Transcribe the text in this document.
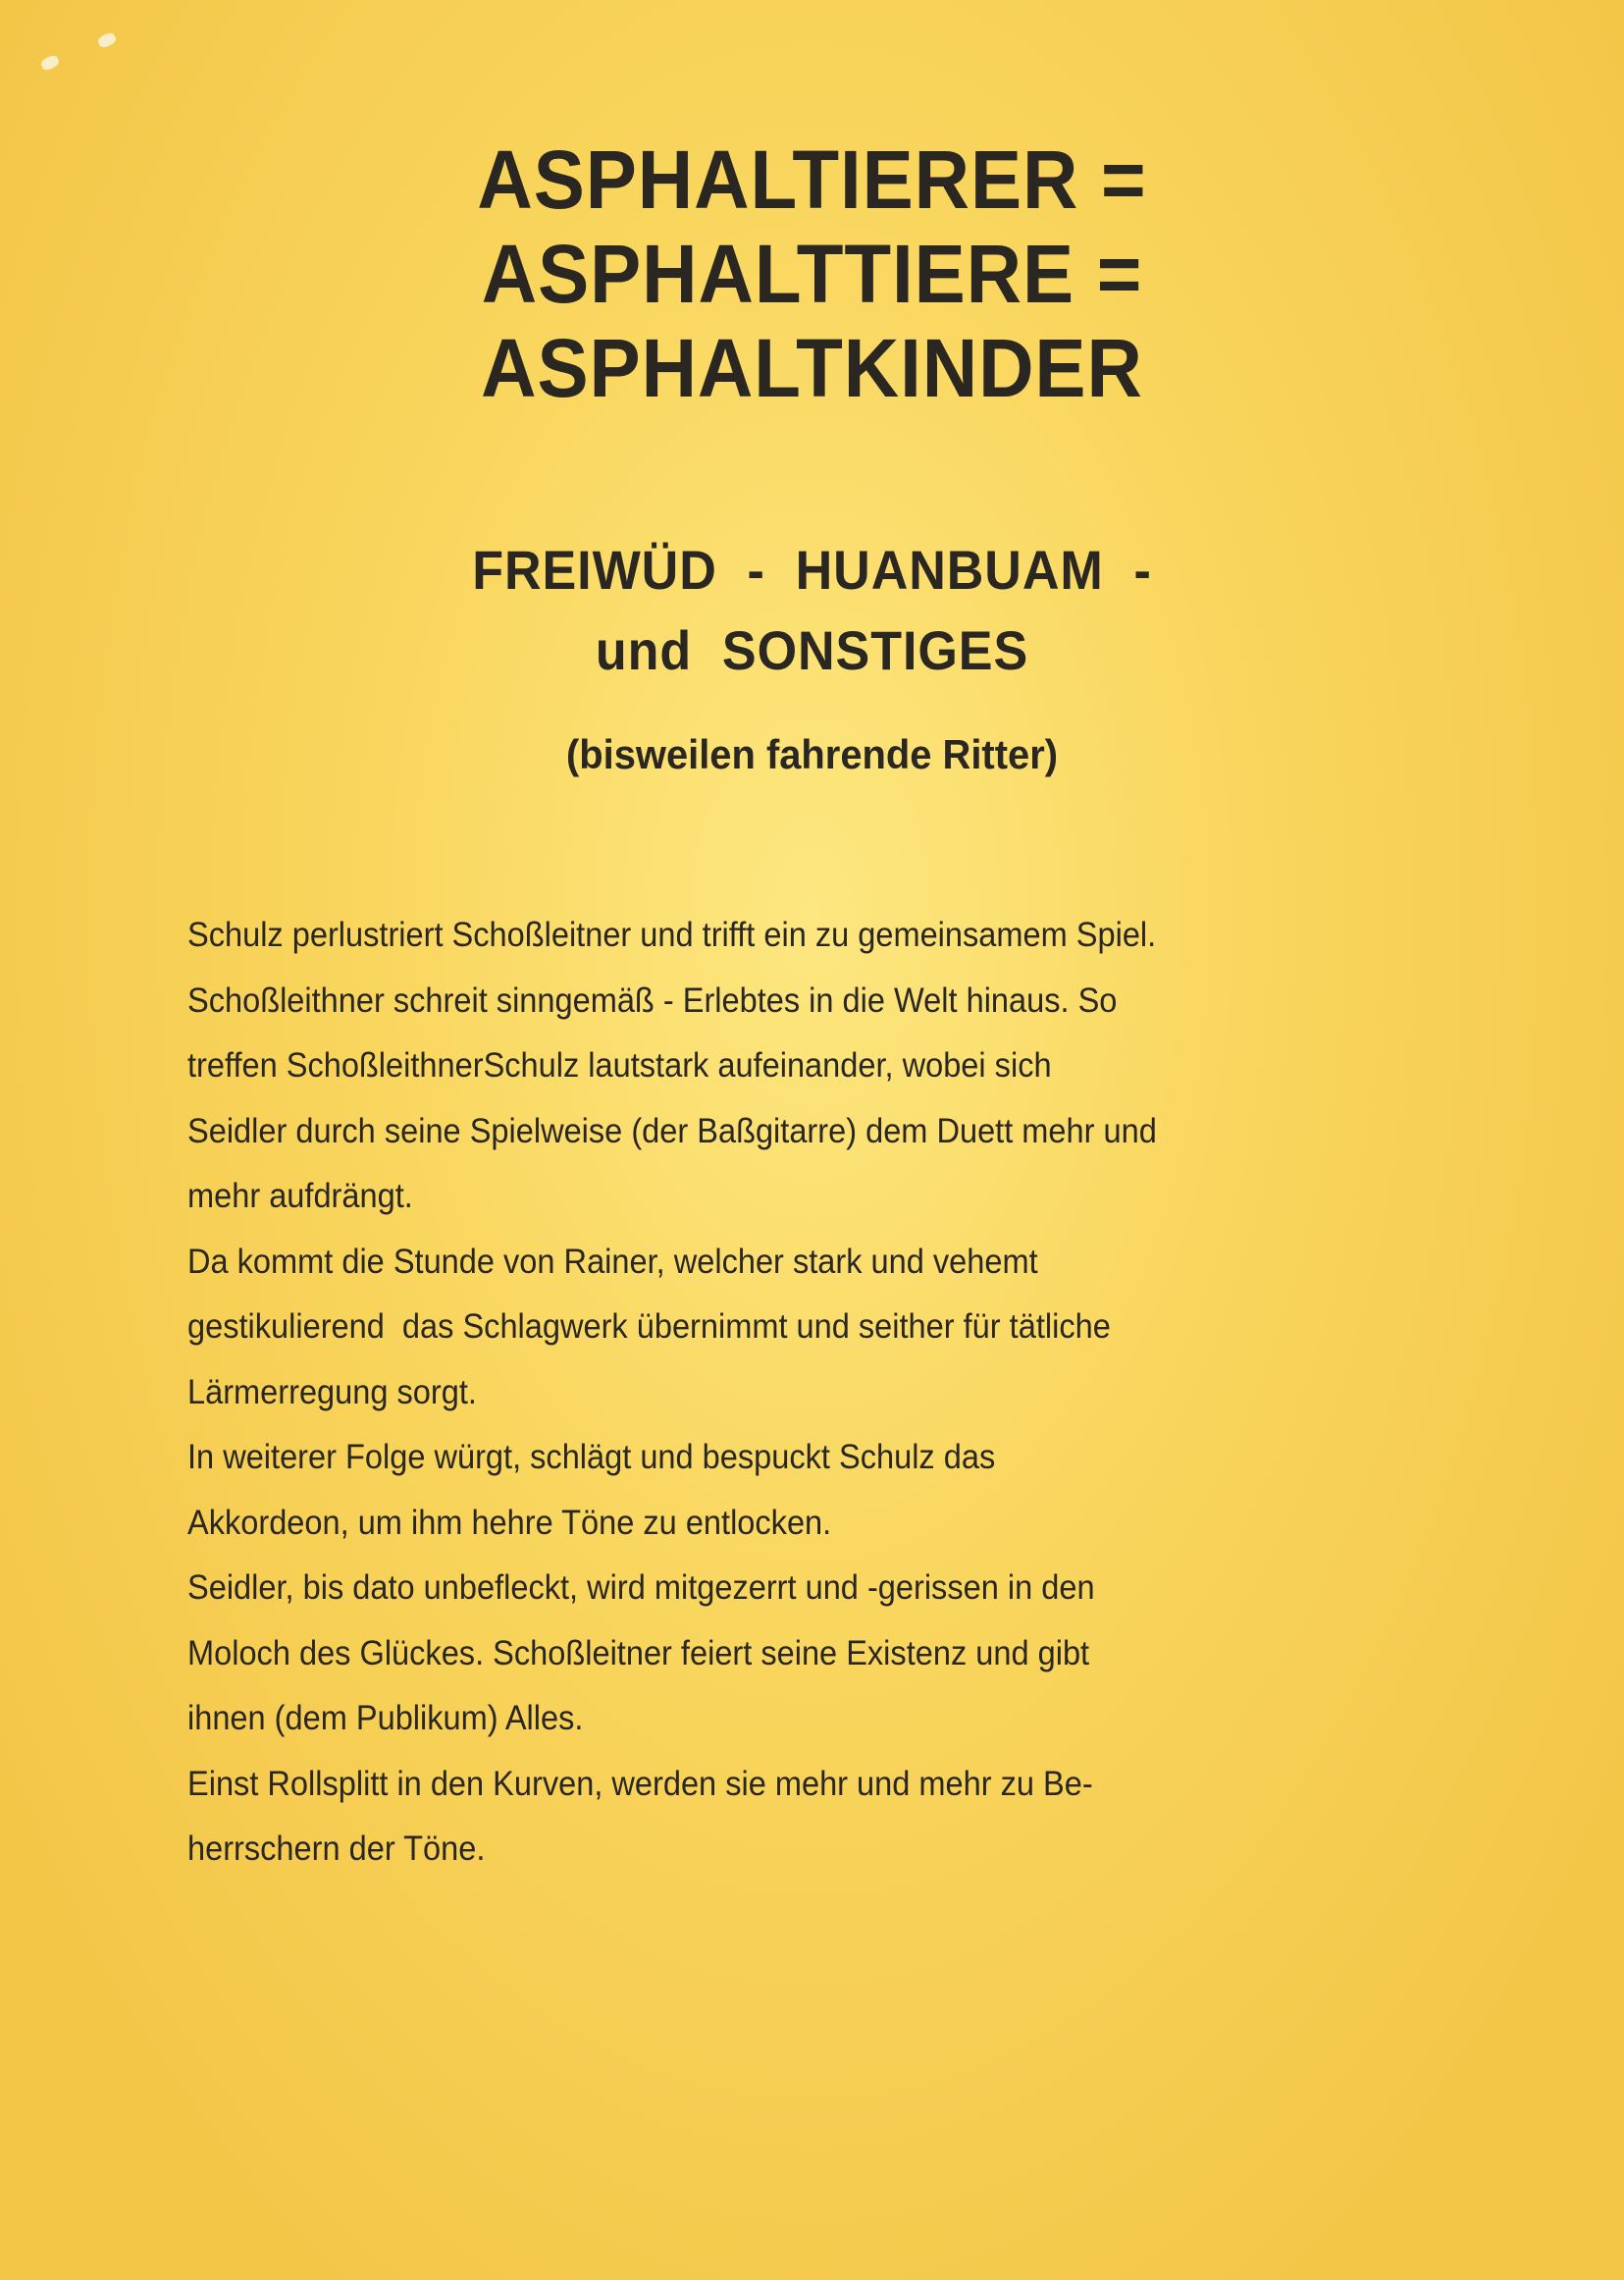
ASPHALTIERER =
ASPHALTTIERE =
ASPHALTKINDER
FREIWÜD  -  HUANBUAM  -
und  SONSTIGES
(bisweilen fahrende Ritter)
Schulz perlustriert Schoßleitner und trifft ein zu gemeinsamem Spiel.
Schoßleithner schreit sinngemäß - Erlebtes in die Welt hinaus. So
treffen SchoßleithnerSchulz lautstark aufeinander, wobei sich
Seidler durch seine Spielweise (der Baßgitarre) dem Duett mehr und
mehr aufdrängt.
Da kommt die Stunde von Rainer, welcher stark und vehemt
gestikulierend  das Schlagwerk übernimmt und seither für tätliche
Lärmerregung sorgt.
In weiterer Folge würgt, schlägt und bespuckt Schulz das
Akkordeon, um ihm hehre Töne zu entlocken.
Seidler, bis dato unbefleckt, wird mitgezerrt und -gerissen in den
Moloch des Glückes. Schoßleitner feiert seine Existenz und gibt
ihnen (dem Publikum) Alles.
Einst Rollsplitt in den Kurven, werden sie mehr und mehr zu Be-
herrschern der Töne.
